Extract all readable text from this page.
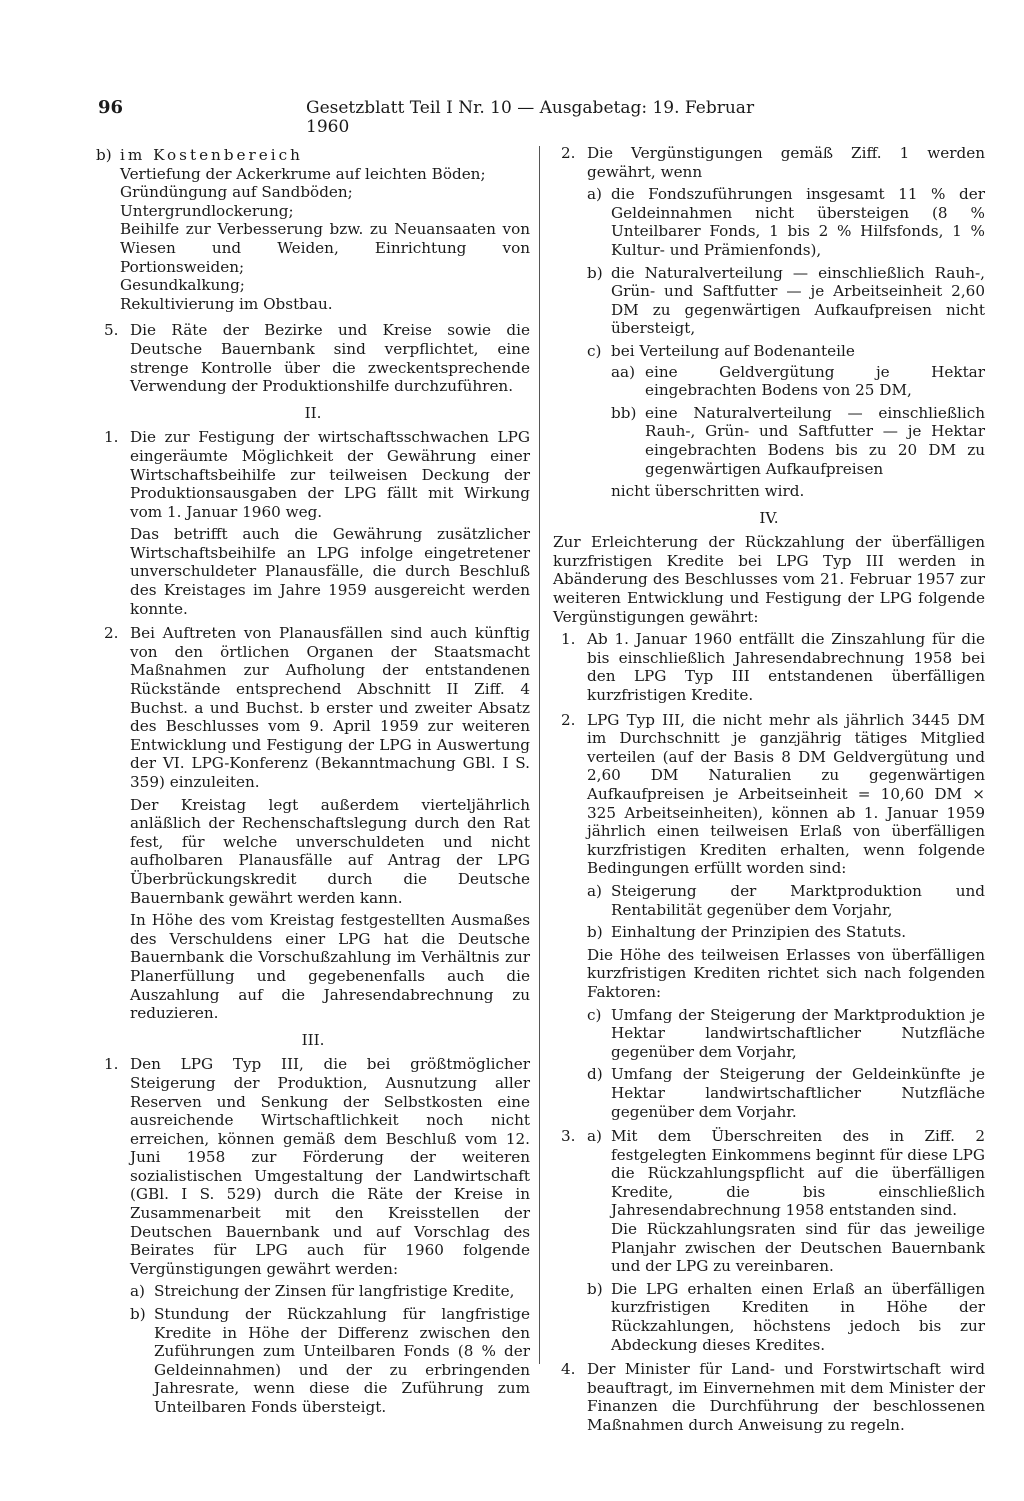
96	Gesetzblatt Teil I Nr. 10 — Ausgabetag: 19. Februar 1960
b) im Kostenbereich
Vertiefung der Ackerkrume auf leichten Böden;
Gründüngung auf Sandböden;
Untergrundlockerung;
Beihilfe zur Verbesserung bzw. zu Neuansaaten von Wiesen und Weiden, Einrichtung von Portionsweiden;
Gesundkalkung;
Rekultivierung im Obstbau.
5. Die Räte der Bezirke und Kreise sowie die Deutsche Bauernbank sind verpflichtet, eine strenge Kontrolle über die zweckentsprechende Verwendung der Produktionshilfe durchzuführen.

II.
1. Die zur Festigung der wirtschaftsschwachen LPG eingeräumte Möglichkeit der Gewährung einer Wirtschaftsbeihilfe zur teilweisen Deckung der Produktionsausgaben der LPG fällt mit Wirkung vom 1. Januar 1960 weg.

Das betrifft auch die Gewährung zusätzlicher Wirtschaftsbeihilfe an LPG infolge eingetretener unverschuldeter Planausfälle, die durch Beschluß des Kreistages im Jahre 1959 ausgereicht werden konnte.

2. Bei Auftreten von Planausfällen sind auch künftig von den örtlichen Organen der Staatsmacht Maßnahmen zur Aufholung der entstandenen Rückstände entsprechend Abschnitt II Ziff. 4 Buchst. a und Buchst. b erster und zweiter Absatz des Beschlusses vom 9. April 1959 zur weiteren Entwicklung und Festigung der LPG in Auswertung der VI. LPG-Konferenz (Bekanntmachung GBl. I S. 359) einzuleiten.

Der Kreistag legt außerdem vierteljährlich anläßlich der Rechenschaftslegung durch den Rat fest, für welche unverschuldeten und nicht aufholbaren Planausfälle auf Antrag der LPG Überbrückungskredit durch die Deutsche Bauernbank gewährt werden kann.

In Höhe des vom Kreistag festgestellten Ausmaßes des Verschuldens einer LPG hat die Deutsche Bauernbank die Vorschußzahlung im Verhältnis zur Planerfüllung und gegebenenfalls auch die Auszahlung auf die Jahresendabrechnung zu reduzieren.

III.
1. Den LPG Typ III, die bei größtmöglicher Steigerung der Produktion, Ausnutzung aller Reserven und Senkung der Selbstkosten eine ausreichende Wirtschaftlichkeit noch nicht erreichen, können gemäß dem Beschluß vom 12. Juni 1958 zur Förderung der weiteren sozialistischen Umgestaltung der Landwirtschaft (GBl. I S. 529) durch die Räte der Kreise in Zusammenarbeit mit den Kreisstellen der Deutschen Bauernbank und auf Vorschlag des Beirates für LPG auch für 1960 folgende Vergünstigungen gewährt werden:

a) Streichung der Zinsen für langfristige Kredite,
b) Stundung der Rückzahlung für langfristige Kredite in Höhe der Differenz zwischen den Zuführungen zum Unteilbaren Fonds (8 % der Geldeinnahmen) und der zu erbringenden Jahresrate, wenn diese die Zuführung zum Unteilbaren Fonds übersteigt.
2. Die Vergünstigungen gemäß Ziff. 1 werden gewährt, wenn

a) die Fondszuführungen insgesamt 11 % der Geldeinnahmen nicht übersteigen (8 % Unteilbarer Fonds, 1 bis 2 % Hilfsfonds, 1 % Kultur- und Prämienfonds),
b) die Naturalverteilung — einschließlich Rauh-, Grün- und Saftfutter — je Arbeitseinheit 2,60 DM zu gegenwärtigen Aufkaufpreisen nicht übersteigt,
c) bei Verteilung auf Bodenanteile
aa) eine Geldvergütung je Hektar eingebrachten Bodens von 25 DM,
bb) eine Naturalverteilung — einschließlich Rauh-, Grün- und Saftfutter — je Hektar eingebrachten Bodens bis zu 20 DM zu gegenwärtigen Aufkaufpreisen

nicht überschritten wird.

IV.

Zur Erleichterung der Rückzahlung der überfälligen kurzfristigen Kredite bei LPG Typ III werden in Abänderung des Beschlusses vom 21. Februar 1957 zur weiteren Entwicklung und Festigung der LPG folgende Vergünstigungen gewährt:

1. Ab 1. Januar 1960 entfällt die Zinszahlung für die bis einschließlich Jahresendabrechnung 1958 bei den LPG Typ III entstandenen überfälligen kurzfristigen Kredite.

2. LPG Typ III, die nicht mehr als jährlich 3445 DM im Durchschnitt je ganzjährig tätiges Mitglied verteilen (auf der Basis 8 DM Geldvergütung und 2,60 DM Naturalien zu gegenwärtigen Aufkaufpreisen je Arbeitseinheit = 10,60 DM × 325 Arbeitseinheiten), können ab 1. Januar 1959 jährlich einen teilweisen Erlaß von überfälligen kurzfristigen Krediten erhalten, wenn folgende Bedingungen erfüllt worden sind:

a) Steigerung der Marktproduktion und Rentabilität gegenüber dem Vorjahr,
b) Einhaltung der Prinzipien des Statuts.

Die Höhe des teilweisen Erlasses von überfälligen kurzfristigen Krediten richtet sich nach folgenden Faktoren:

c) Umfang der Steigerung der Marktproduktion je Hektar landwirtschaftlicher Nutzfläche gegenüber dem Vorjahr,
d) Umfang der Steigerung der Geldeinkünfte je Hektar landwirtschaftlicher Nutzfläche gegenüber dem Vorjahr.
3. a) Mit dem Überschreiten des in Ziff. 2 festgelegten Einkommens beginnt für diese LPG die Rückzahlungspflicht auf die überfälligen Kredite, die bis einschließlich Jahresendabrechnung 1958 entstanden sind.
Die Rückzahlungsraten sind für das jeweilige Planjahr zwischen der Deutschen Bauernbank und der LPG zu vereinbaren.
b) Die LPG erhalten einen Erlaß an überfälligen kurzfristigen Krediten in Höhe der Rückzahlungen, höchstens jedoch bis zur Abdeckung dieses Kredites.
4. Der Minister für Land- und Forstwirtschaft wird beauftragt, im Einvernehmen mit dem Minister der Finanzen die Durchführung der beschlossenen Maßnahmen durch Anweisung zu regeln.
